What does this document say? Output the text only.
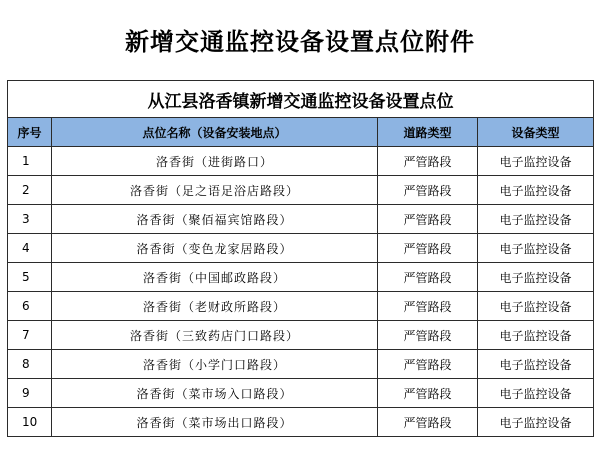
新增交通监控设备设置点位附件
从江县洛香镇新增交通监控设备设置点位			
序号	点位名称（设备安装地点）	道路类型	设备类型
1	洛香街（进街路口）	严管路段	电子监控设备
2	洛香街（足之语足浴店路段）	严管路段	电子监控设备
3	洛香街（聚佰福宾馆路段）	严管路段	电子监控设备
4	洛香街（变色龙家居路段）	严管路段	电子监控设备
5	洛香街（中国邮政路段）	严管路段	电子监控设备
6	洛香街（老财政所路段）	严管路段	电子监控设备
7	洛香街（三致药店门口路段）	严管路段	电子监控设备
8	洛香街（小学门口路段）	严管路段	电子监控设备
9	洛香街（菜市场入口路段）	严管路段	电子监控设备
10	洛香街（菜市场出口路段）	严管路段	电子监控设备
